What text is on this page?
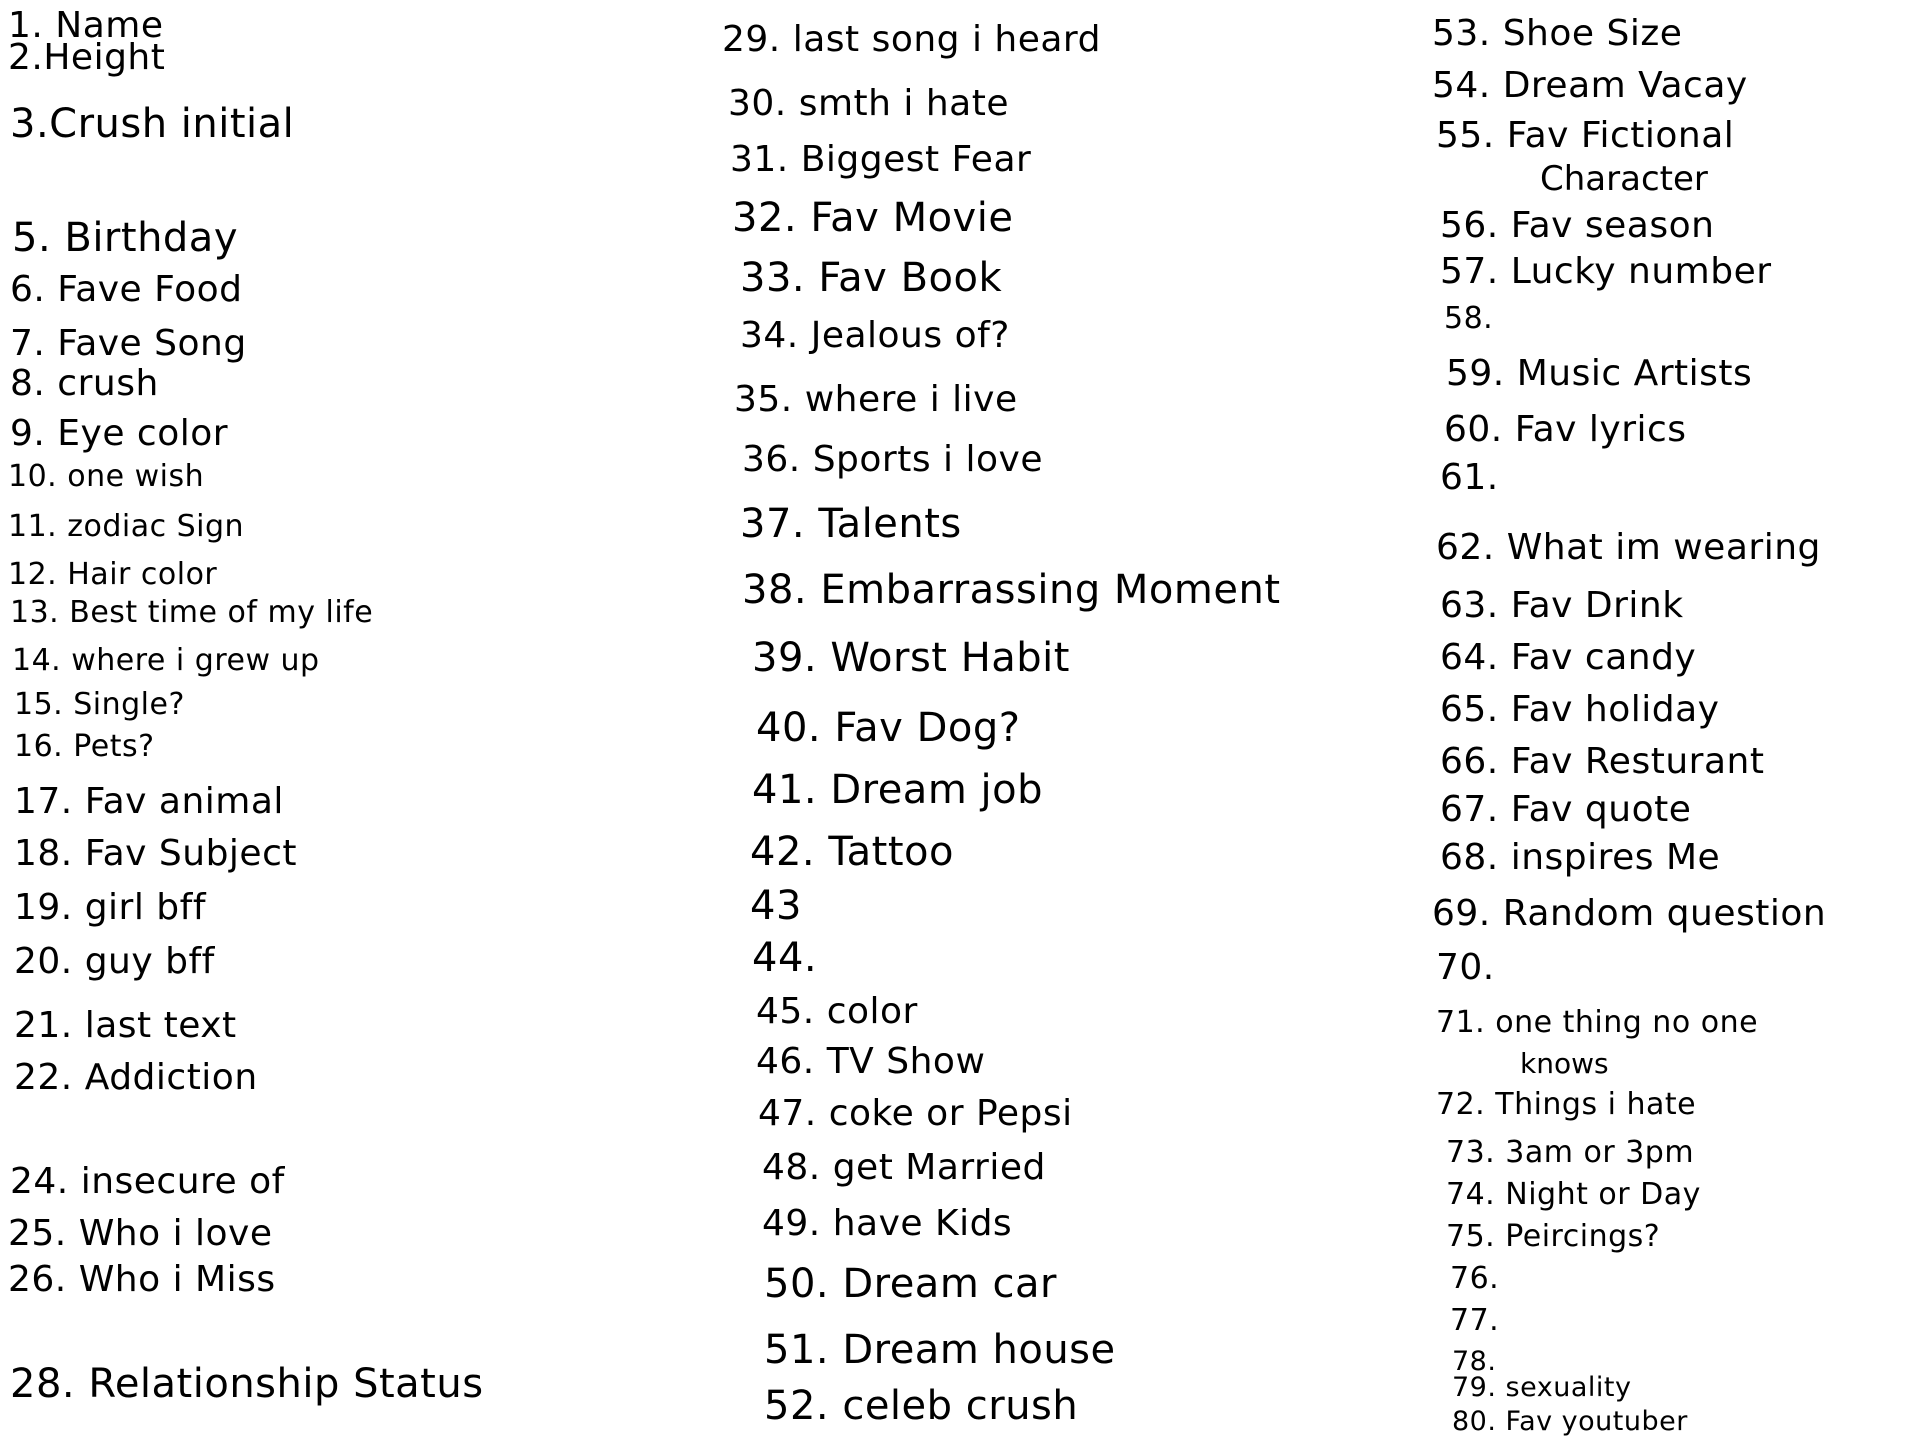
1. Name
2.Height
3.Crush initial
5. Birthday
6. Fave Food
7. Fave Song
8. crush
9. Eye color
10. one wish
11. zodiac Sign
12. Hair color
13. Best time of my life
14. where i grew up
15. Single?
16. Pets?
17. Fav animal
18. Fav Subject
19. girl bff
20. guy bff
21. last text
22. Addiction
24. insecure of
25. Who i love
26. Who i Miss
28. Relationship Status
29. last song i heard
30. smth i hate
31. Biggest Fear
32. Fav Movie
33. Fav Book
34. Jealous of?
35. where i live
36. Sports i love
37. Talents
38. Embarrassing Moment
39. Worst Habit
40. Fav Dog?
41. Dream job
42. Tattoo
43
44.
45. color
46. TV Show
47. coke or Pepsi
48. get Married
49. have Kids
50. Dream car
51. Dream house
52. celeb crush
53. Shoe Size
54. Dream Vacay
55. Fav Fictional
Character
56. Fav season
57. Lucky number
58.
59. Music Artists
60. Fav lyrics
61.
62. What im wearing
63. Fav Drink
64. Fav candy
65. Fav holiday
66. Fav Resturant
67. Fav quote
68. inspires Me
69. Random question
70.
71. one thing no one
knows
72. Things i hate
73. 3am or 3pm
74. Night or Day
75. Peircings?
76.
77.
78.
79. sexuality
80. Fav youtuber
